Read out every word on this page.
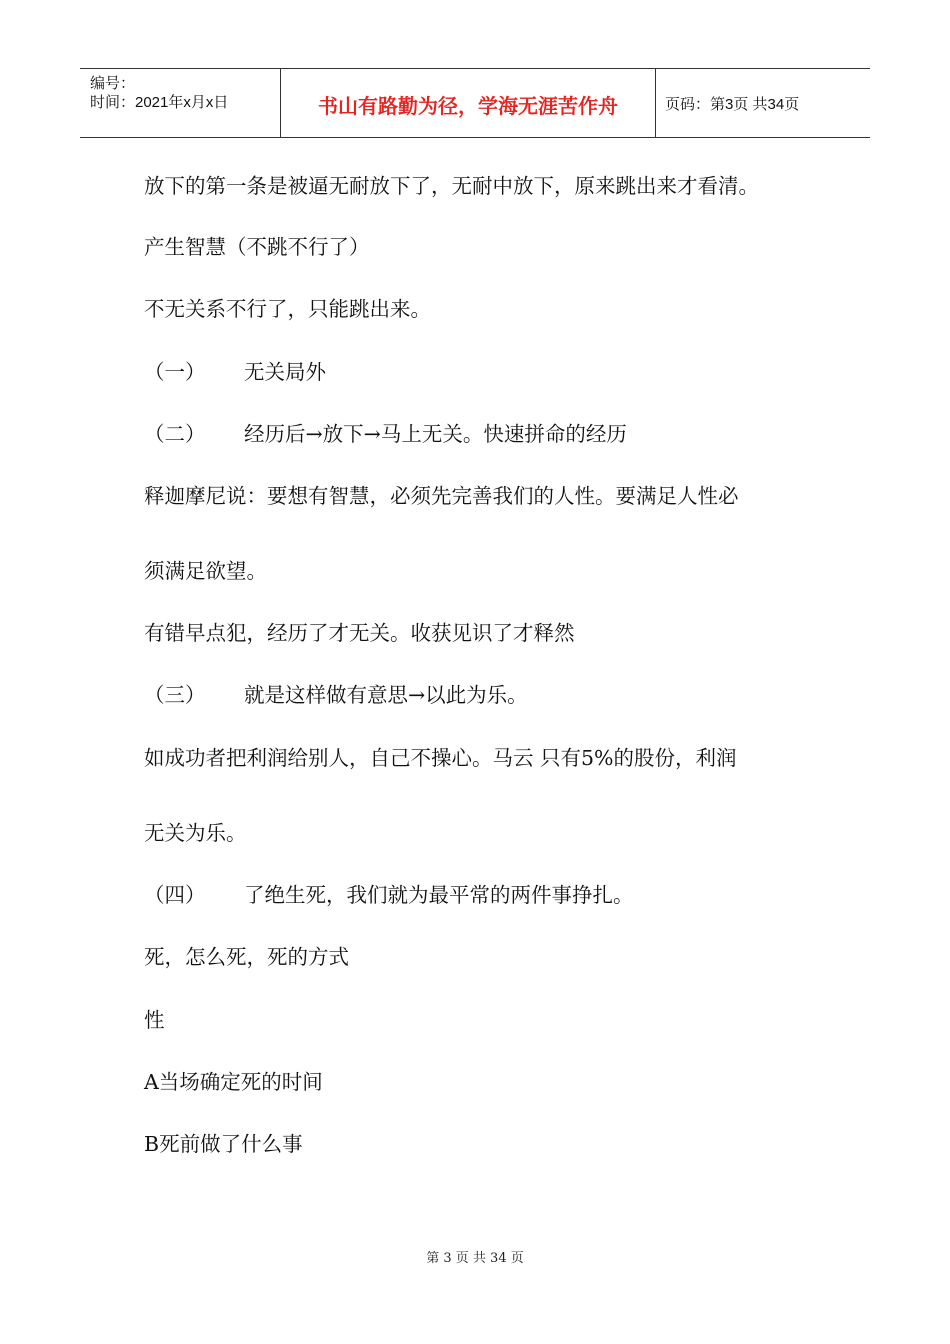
编号：
时间：2021年x月x日	书山有路勤为径，学海无涯苦作舟	页码：第3页 共34页
放下的第一条是被逼无耐放下了，无耐中放下，原来跳出来才看清。
产生智慧（不跳不行了）
不无关系不行了，只能跳出来。
（一） 无关局外
（二） 经历后→放下→马上无关。快速拼命的经历
释迦摩尼说：要想有智慧，必须先完善我们的人性。要满足人性必
须满足欲望。
有错早点犯，经历了才无关。收获见识了才释然
（三） 就是这样做有意思→以此为乐。
如成功者把利润给别人，自己不操心。马云 只有5%的股份，利润
无关为乐。
（四） 了绝生死，我们就为最平常的两件事挣扎。
死，怎么死，死的方式
性
A当场确定死的时间
B死前做了什么事
第 3 页 共 34 页
